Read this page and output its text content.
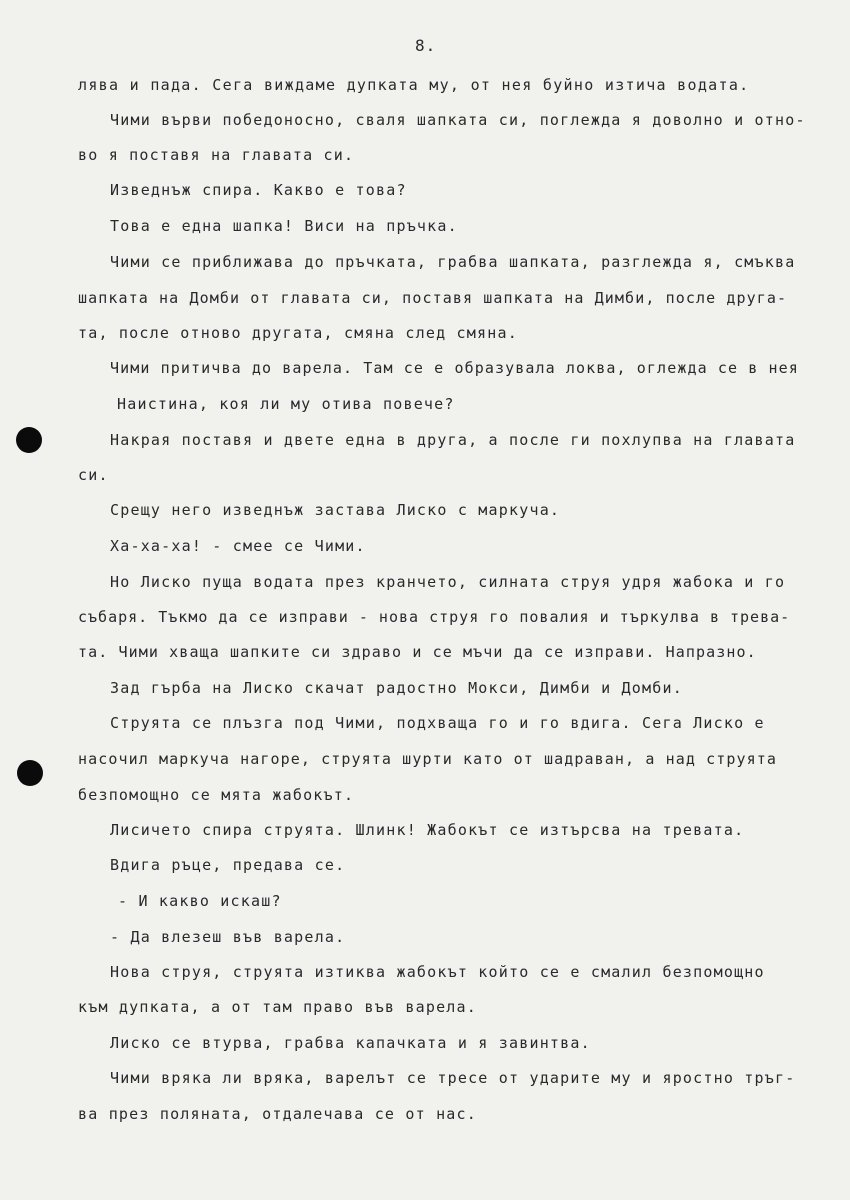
8.
лява и пада. Сега виждаме дупката му, от нея буйно изтича водата.
Чими върви победоносно, сваля шапката си, поглежда я доволно и отно-
во я поставя на главата си.
Изведнъж спира. Какво е това?
Това е една шапка! Виси на пръчка.
Чими се приближава до пръчката, грабва шапката, разглежда я, смъква
шапката на Домби от главата си, поставя шапката на Димби, после друга-
та, после отново другата, смяна след смяна.
Чими притичва до варела. Там се е образувала локва, оглежда се в нея
Наистина, коя ли му отива повече?
Накрая поставя и двете една в друга, а после ги похлупва на главата
си.
Срещу него изведнъж застава Лиско с маркуча.
Ха-ха-ха! - смее се Чими.
Но Лиско пуща водата през кранчето, силната струя удря жабока и го
събаря. Тъкмо да се изправи - нова струя го повалия и търкулва в трева-
та. Чими хваща шапките си здраво и се мъчи да се изправи. Напразно.
Зад гърба на Лиско скачат радостно Мокси, Димби и Домби.
Струята се плъзга под Чими, подхваща го и го вдига. Сега Лиско е
насочил маркуча нагоре, струята шурти като от шадраван, а над струята
безпомощно се мята жабокът.
Лисичето спира струята. Шлинк! Жабокът се изтърсва на тревата.
Вдига ръце, предава се.
- И какво искаш?
- Да влезеш във варела.
Нова струя, струята изтиква жабокът който се е смалил безпомощно
към дупката, а от там право във варела.
Лиско се втурва, грабва капачката и я завинтва.
Чими вряка ли вряка, варелът се тресе от ударите му и яростно тръг-
ва през поляната, отдалечава се от нас.
